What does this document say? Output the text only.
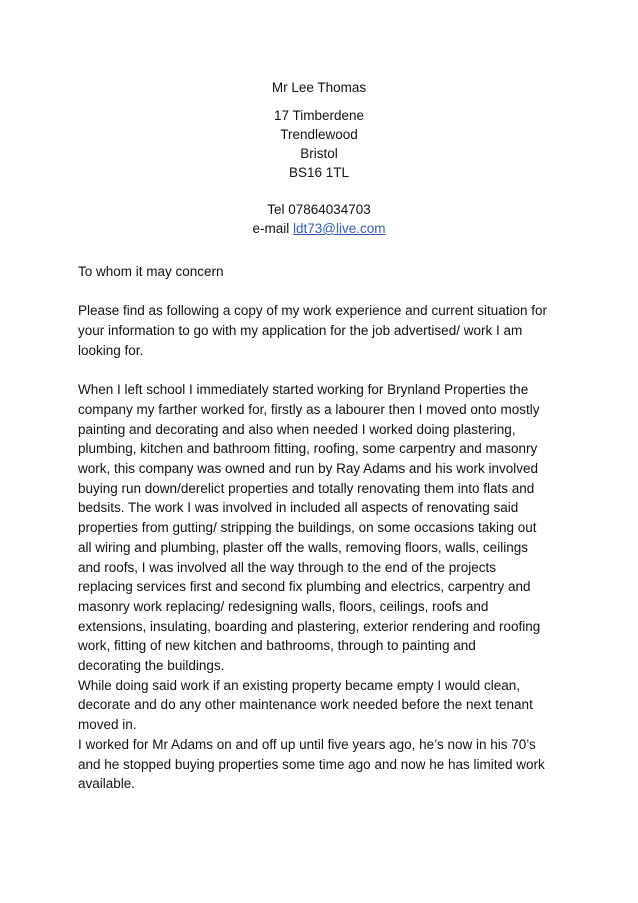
Mr Lee Thomas
17 Timberdene
Trendlewood
Bristol
BS16 1TL
Tel 07864034703
e-mail ldt73@live.com

To whom it may concern

Please find as following a copy of my work experience and current situation for
your information to go with my application for the job advertised/ work I am
looking for.

When I left school I immediately started working for Brynland Properties the
company my farther worked for, firstly as a labourer then I moved onto mostly
painting and decorating and also when needed I worked doing plastering,
plumbing, kitchen and bathroom fitting, roofing, some carpentry and masonry
work, this company was owned and run by Ray Adams and his work involved
buying run down/derelict properties and totally renovating them into flats and
bedsits. The work I was involved in included all aspects of renovating said
properties from gutting/ stripping the buildings, on some occasions taking out
all wiring and plumbing, plaster off the walls, removing floors, walls, ceilings
and roofs, I was involved all the way through to the end of the projects
replacing services first and second fix plumbing and electrics, carpentry and
masonry work replacing/ redesigning walls, floors, ceilings, roofs and
extensions, insulating, boarding and plastering, exterior rendering and roofing
work, fitting of new kitchen and bathrooms, through to painting and
decorating the buildings.

While doing said work if an existing property became empty I would clean,
decorate and do any other maintenance work needed before the next tenant
moved in.

I worked for Mr Adams on and off up until five years ago, he’s now in his 70’s
and he stopped buying properties some time ago and now he has limited work
available.
